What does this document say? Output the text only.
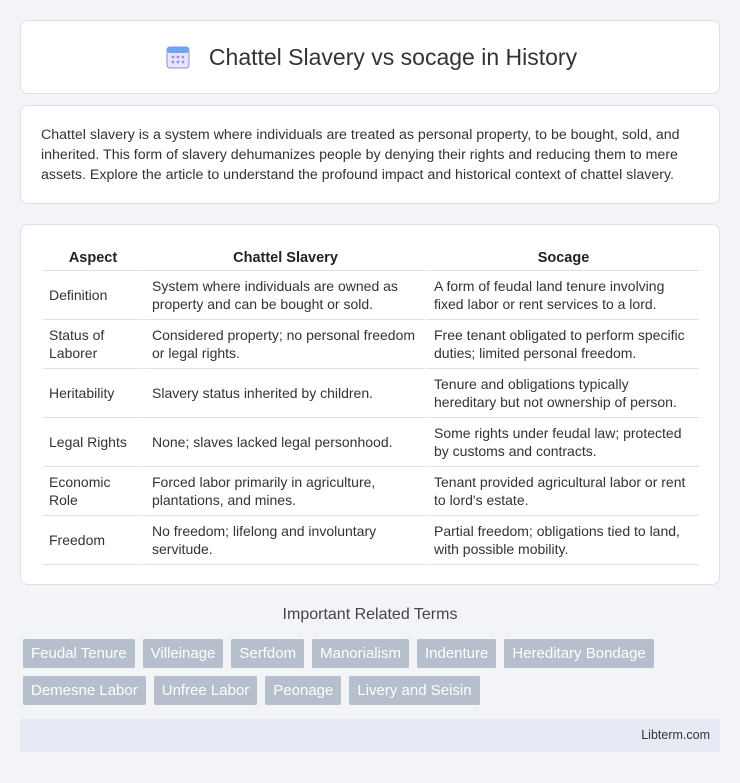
Chattel Slavery vs socage in History

Chattel slavery is a system where individuals are treated as personal property, to be bought, sold, and inherited. This form of slavery dehumanizes people by denying their rights and reducing them to mere assets. Explore the article to understand the profound impact and historical context of chattel slavery.

Aspect	Chattel Slavery	Socage
Definition	System where individuals are owned as property and can be bought or sold.	A form of feudal land tenure involving fixed labor or rent services to a lord.
Status of Laborer	Considered property; no personal freedom or legal rights.	Free tenant obligated to perform specific duties; limited personal freedom.
Heritability	Slavery status inherited by children.	Tenure and obligations typically hereditary but not ownership of person.
Legal Rights	None; slaves lacked legal personhood.	Some rights under feudal law; protected by customs and contracts.
Economic Role	Forced labor primarily in agriculture, plantations, and mines.	Tenant provided agricultural labor or rent to lord's estate.
Freedom	No freedom; lifelong and involuntary servitude.	Partial freedom; obligations tied to land, with possible mobility.
Important Related Terms
Feudal Tenure	Villeinage	Serfdom	Manorialism	Indenture	Hereditary Bondage
Demesne Labor	Unfree Labor	Peonage	Livery and Seisin
Libterm.com
